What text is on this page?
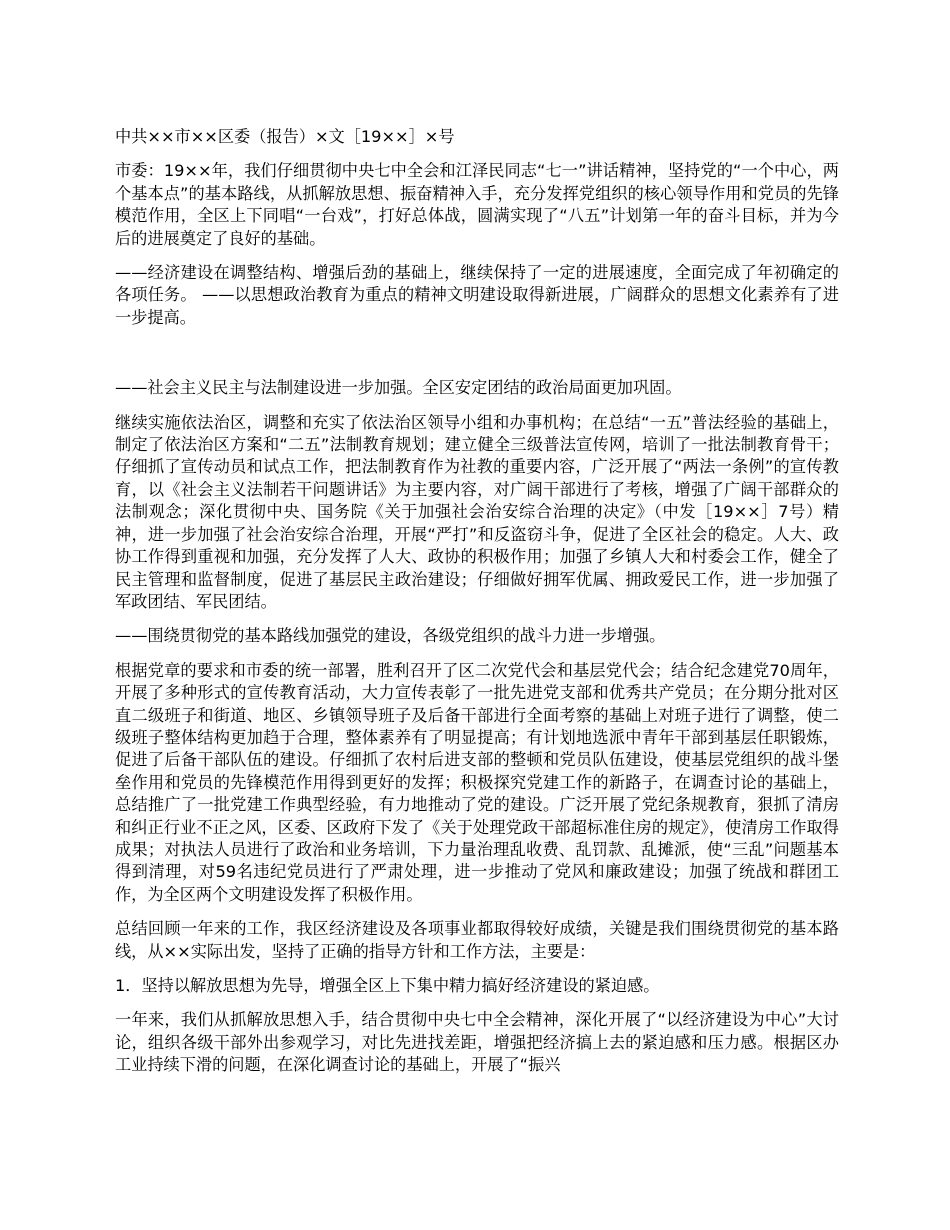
中共××市××区委（报告）×文［19××］×号

市委：19××年，我们仔细贯彻中央七中全会和江泽民同志“七一”讲话精神，坚持党的“一个中心，两个基本点”的基本路线，从抓解放思想、振奋精神入手，充分发挥党组织的核心领导作用和党员的先锋模范作用，全区上下同唱“一台戏”，打好总体战，圆满实现了“八五”计划第一年的奋斗目标，并为今后的进展奠定了良好的基础。

——经济建设在调整结构、增强后劲的基础上，继续保持了一定的进展速度，全面完成了年初确定的各项任务。 ——以思想政治教育为重点的精神文明建设取得新进展，广阔群众的思想文化素养有了进一步提高。

——社会主义民主与法制建设进一步加强。全区安定团结的政治局面更加巩固。

继续实施依法治区，调整和充实了依法治区领导小组和办事机构；在总结“一五”普法经验的基础上，制定了依法治区方案和“二五”法制教育规划；建立健全三级普法宣传网，培训了一批法制教育骨干；仔细抓了宣传动员和试点工作，把法制教育作为社教的重要内容，广泛开展了“两法一条例”的宣传教育，以《社会主义法制若干问题讲话》为主要内容，对广阔干部进行了考核，增强了广阔干部群众的法制观念；深化贯彻中央、国务院《关于加强社会治安综合治理的决定》（中发［19××］7号）精神，进一步加强了社会治安综合治理，开展“严打”和反盗窃斗争，促进了全区社会的稳定。人大、政协工作得到重视和加强，充分发挥了人大、政协的积极作用；加强了乡镇人大和村委会工作，健全了民主管理和监督制度，促进了基层民主政治建设；仔细做好拥军优属、拥政爱民工作，进一步加强了军政团结、军民团结。

——围绕贯彻党的基本路线加强党的建设，各级党组织的战斗力进一步增强。

根据党章的要求和市委的统一部署，胜利召开了区二次党代会和基层党代会；结合纪念建党70周年，开展了多种形式的宣传教育活动，大力宣传表彰了一批先进党支部和优秀共产党员；在分期分批对区直二级班子和街道、地区、乡镇领导班子及后备干部进行全面考察的基础上对班子进行了调整，使二级班子整体结构更加趋于合理，整体素养有了明显提高；有计划地选派中青年干部到基层任职锻炼，促进了后备干部队伍的建设。仔细抓了农村后进支部的整顿和党员队伍建设，使基层党组织的战斗堡垒作用和党员的先锋模范作用得到更好的发挥；积极探究党建工作的新路子，在调查讨论的基础上，总结推广了一批党建工作典型经验，有力地推动了党的建设。广泛开展了党纪条规教育，狠抓了清房和纠正行业不正之风，区委、区政府下发了《关于处理党政干部超标准住房的规定》，使清房工作取得成果；对执法人员进行了政治和业务培训，下力量治理乱收费、乱罚款、乱摊派，使“三乱”问题基本得到清理，对59名违纪党员进行了严肃处理，进一步推动了党风和廉政建设；加强了统战和群团工作，为全区两个文明建设发挥了积极作用。

总结回顾一年来的工作，我区经济建设及各项事业都取得较好成绩，关键是我们围绕贯彻党的基本路线，从××实际出发，坚持了正确的指导方针和工作方法，主要是：

1．坚持以解放思想为先导，增强全区上下集中精力搞好经济建设的紧迫感。

一年来，我们从抓解放思想入手，结合贯彻中央七中全会精神，深化开展了“以经济建设为中心”大讨论，组织各级干部外出参观学习，对比先进找差距，增强把经济搞上去的紧迫感和压力感。根据区办工业持续下滑的问题，在深化调查讨论的基础上，开展了“振兴
